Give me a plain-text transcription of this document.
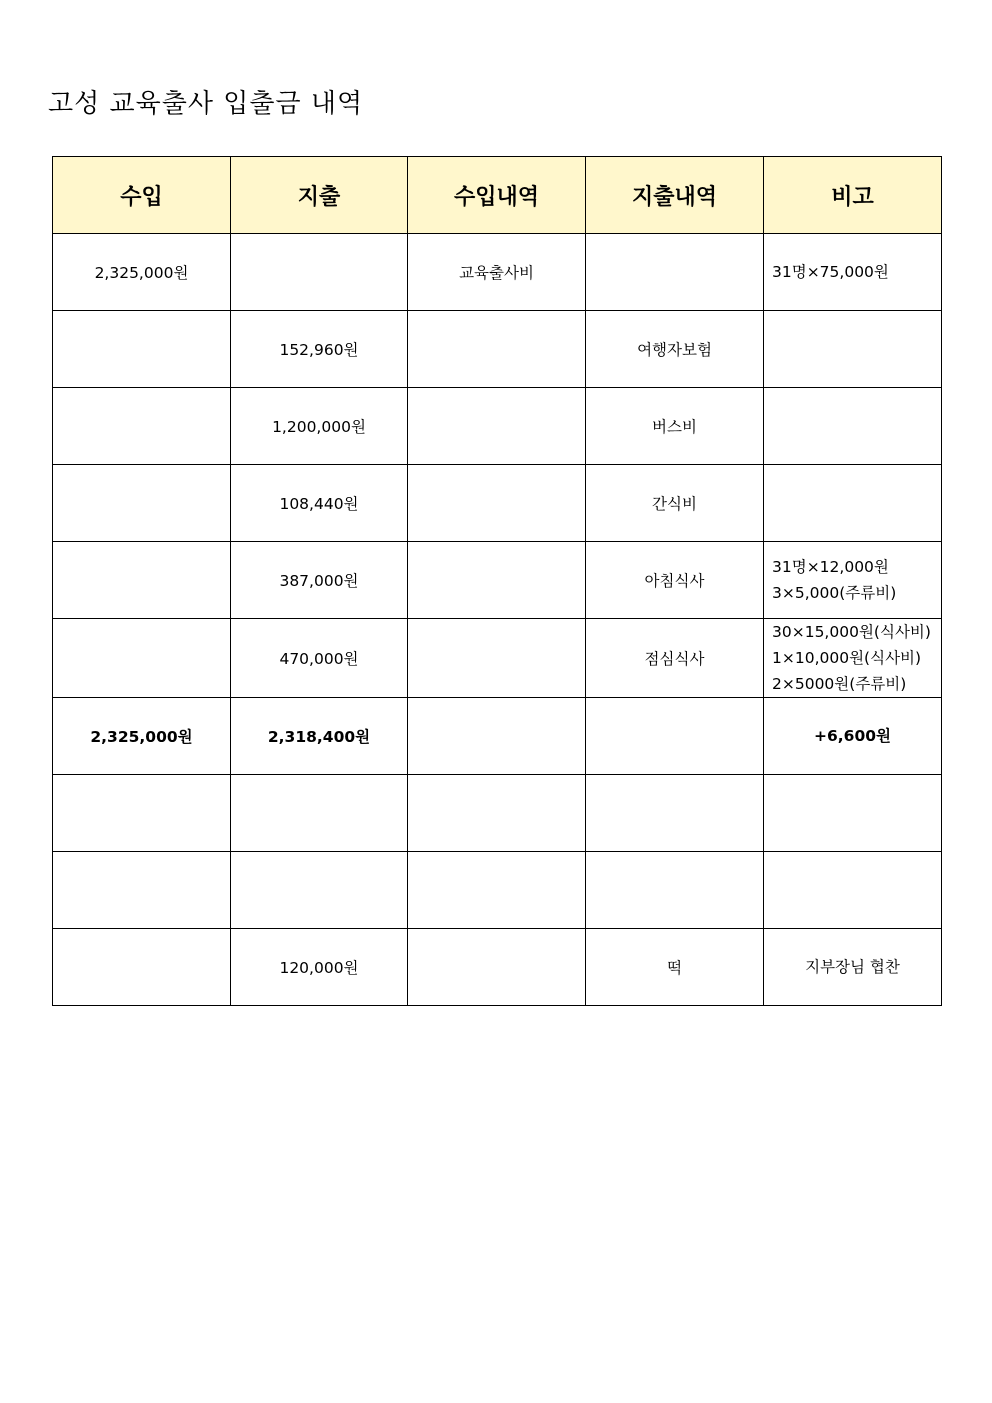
고성 교육출사 입출금 내역
수입	지출	수입내역	지출내역	비고
2,325,000원		교육출사비		31명×75,000원

	152,960원		여행자보험	
	1,200,000원		버스비	
	108,440원		간식비	
	387,000원		아침식사	31명×12,000원
3×5,000(주류비)

	470,000원		점심식사	30×15,000원(식사비)
1×10,000원(식사비)
2×5000원(주류비)

2,325,000원	2,318,400원			+6,600원

	120,000원		떡	지부장님 협찬
